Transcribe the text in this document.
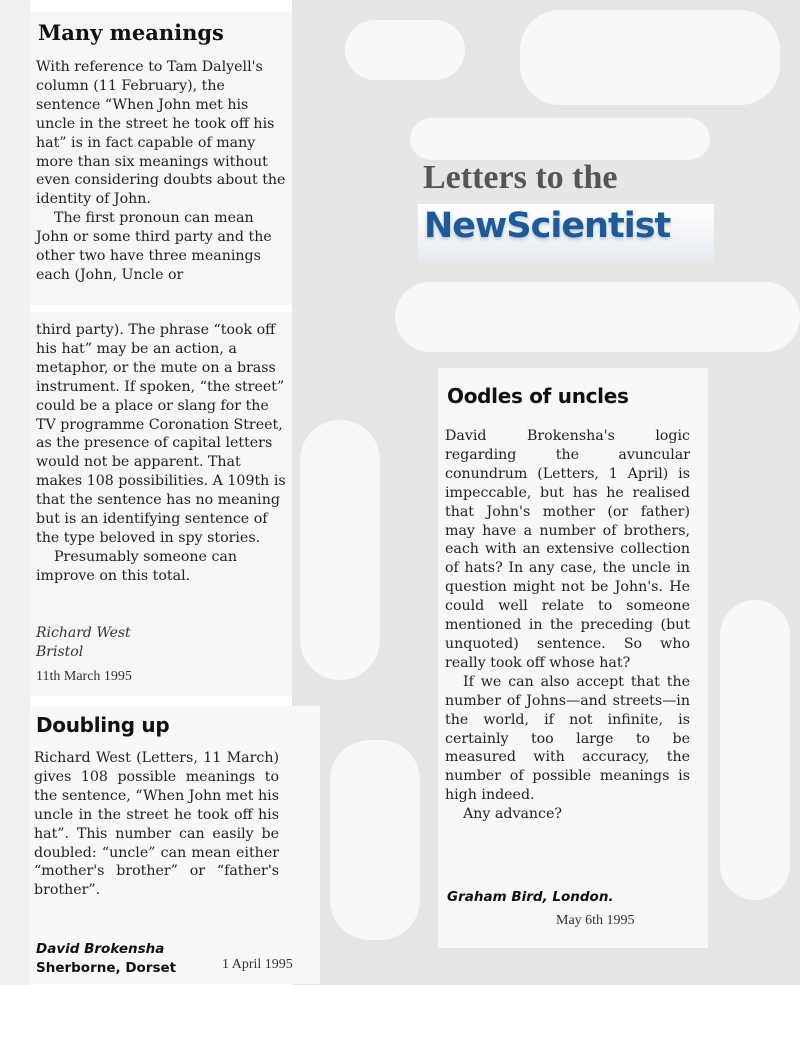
Letters to the
NewScientist
Many meanings

With reference to Tam Dalyell's column (11 February), the sentence “When John met his uncle in the street he took off his hat” is in fact capable of many more than six meanings without even considering doubts about the identity of John.

The first pronoun can mean John or some third party and the other two have three meanings each (John, Uncle or

third party). The phrase “took off his hat” may be an action, a metaphor, or the mute on a brass instrument. If spoken, “the street” could be a place or slang for the TV programme Coronation Street, as the presence of capital letters would not be apparent. That makes 108 possibilities. A 109th is that the sentence has no meaning but is an identifying sentence of the type beloved in spy stories.

Presumably someone can improve on this total.

Richard West
Bristol
11th March 1995
Doubling up

Richard West (Letters, 11 March) gives 108 possible meanings to the sentence, “When John met his uncle in the street he took off his hat”. This number can easily be doubled: “uncle” can mean either “mother's brother” or “father's brother”.

David Brokensha
Sherborne, Dorset	1 April 1995
Oodles of uncles

David Brokensha's logic regarding the avuncular conundrum (Letters, 1 April) is impeccable, but has he realised that John's mother (or father) may have a number of brothers, each with an extensive collection of hats? In any case, the uncle in question might not be John's. He could well relate to someone mentioned in the preceding (but unquoted) sentence. So who really took off whose hat?

If we can also accept that the number of Johns—and streets—in the world, if not infinite, is certainly too large to be measured with accuracy, the number of possible meanings is high indeed.

Any advance?

Graham Bird, London.
May 6th 1995
